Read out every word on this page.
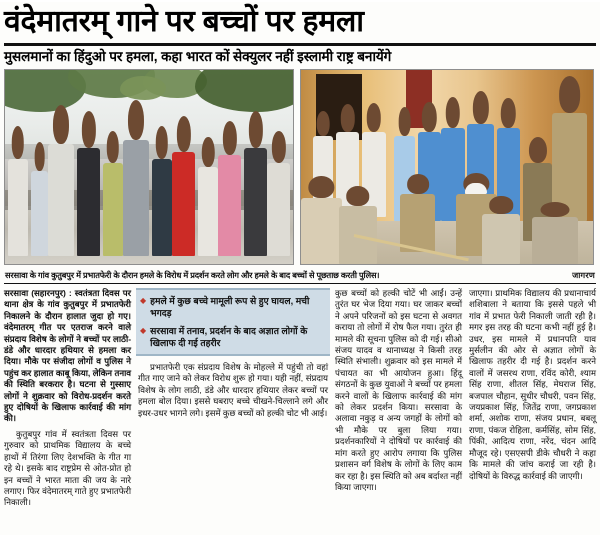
वंदेमातरम् गाने पर बच्चों पर हमला
मुसलमानों का हिंदुओ पर हमला, कहा भारत कों सेक्युलर नहीं इस्लामी राष्ट्र बनायेंगे
सरसावा के गांव कुतुबपुर में प्रभातफेरी के दौरान हमले के विरोध में प्रदर्शन करते लोग और हमले के बाद बच्चों से पूछताछ करती पुलिस।	जागरण

सरसावा (सहारनपुर) : स्वतंत्रता दिवस पर थाना क्षेत्र के गांव कुतुबपुर में प्रभातफेरी निकालने के दौरान हालात जुदा हो गए। वंदेमातरम् गीत पर एतराज करने वाले संप्रदाय विशेष के लोगों ने बच्चों पर लाठी-डंडे और धारदार हथियार से हमला कर दिया। मौके पर संजीदा लोगों व पुलिस ने पहुंच कर हालात काबू किया, लेकिन तनाव की स्थिति बरकरार है। घटना से गुस्साए लोगों ने शुक्रवार को विरोध-प्रदर्शन करते हुए दोषियों के खिलाफ कार्रवाई की मांग की।

कुतुबपुर गांव में स्वतंत्रता दिवस पर गुरुवार को प्राथमिक विद्यालय के बच्चे हाथों में तिरंगा लिए देशभक्ति के गीत गा रहे थे। इसके बाद राष्ट्रप्रेम से ओत-प्रोत हो इन बच्चों ने भारत माता की जय के नारे लगाए। फिर वंदेमातरम् गाते हुए प्रभातफेरी निकाली।

◆ हमले में कुछ बच्चे मामूली रूप से हुए घायल, मची भगदड़
◆ सरसावा में तनाव, प्रदर्शन के बाद अज्ञात लोगों के खिलाफ दी गई तहरीर

प्रभातफेरी एक संप्रदाय विशेष के मोहल्ले में पहुंची तो वहां गीत गाए जाने को लेकर विरोध शुरू हो गया। यही नहीं, संप्रदाय विशेष के लोग लाठी, डंडे और धारदार हथियार लेकर बच्चों पर हमला बोल दिया। इससे घबराए बच्चे चीखने-चिल्लाने लगे और इधर-उधर भागने लगे। इसमें कुछ बच्चों को हल्की चोट भी आई।

कुछ बच्चों को हल्की चोटें भी आईं। उन्हें तुरंत घर भेज दिया गया। घर जाकर बच्चों ने अपने परिजनों को इस घटना से अवगत कराया तो लोगों में रोष फैल गया। तुरंत ही मामले की सूचना पुलिस को दी गई। सीओ संजय यादव व थानाध्यक्ष ने किसी तरह स्थिति संभाली। शुक्रवार को इस मामले में पंचायत का भी आयोजन हुआ। हिंदू संगठनों के कुछ युवाओं ने बच्चों पर हमला करने वालों के खिलाफ कार्रवाई की मांग को लेकर प्रदर्शन किया। सरसावा के अलावा नकुड़ व अन्य जगहों के लोगों को भी मौके पर बुला लिया गया। प्रदर्शनकारियों ने दोषियों पर कार्रवाई की मांग करते हुए आरोप लगाया कि पुलिस प्रशासन वर्ग विशेष के लोगों के लिए काम कर रहा है। इस स्थिति को अब बर्दाश्त नहीं किया जाएगा।

जाएगा। प्राथमिक विद्यालय की प्रधानाचार्य शशिबाला ने बताया कि इससे पहले भी गांव में प्रभात फेरी निकाली जाती रही है। मगर इस तरह की घटना कभी नहीं हुई है। उधर, इस मामले में प्रधानपति याव मुर्सलीन की ओर से अज्ञात लोगों के खिलाफ तहरीर दी गई है। प्रदर्शन करने वालों में जसरथ राणा, रविंद कोरी, श्याम सिंह राणा, शीतल सिंह, मेघराज सिंह, बजपाल चौहान, सुधीर चौधरी, पवन सिंह, जयप्रकाश सिंह, जितेंद्र राणा, जगप्रकाश शर्मा, अशोक राणा, संजय प्रधान, बबलू राणा, पंकज रोहिला, कर्मसिंह, सोम सिंह, पिंकी, आदित्य राणा, नरेंद, चंदन आदि मौजूद रहे। एसएसपी डीके चौधरी ने कहा कि मामले की जांच कराई जा रही है। दोषियों के विरुद्ध कार्रवाई की जाएगी।
